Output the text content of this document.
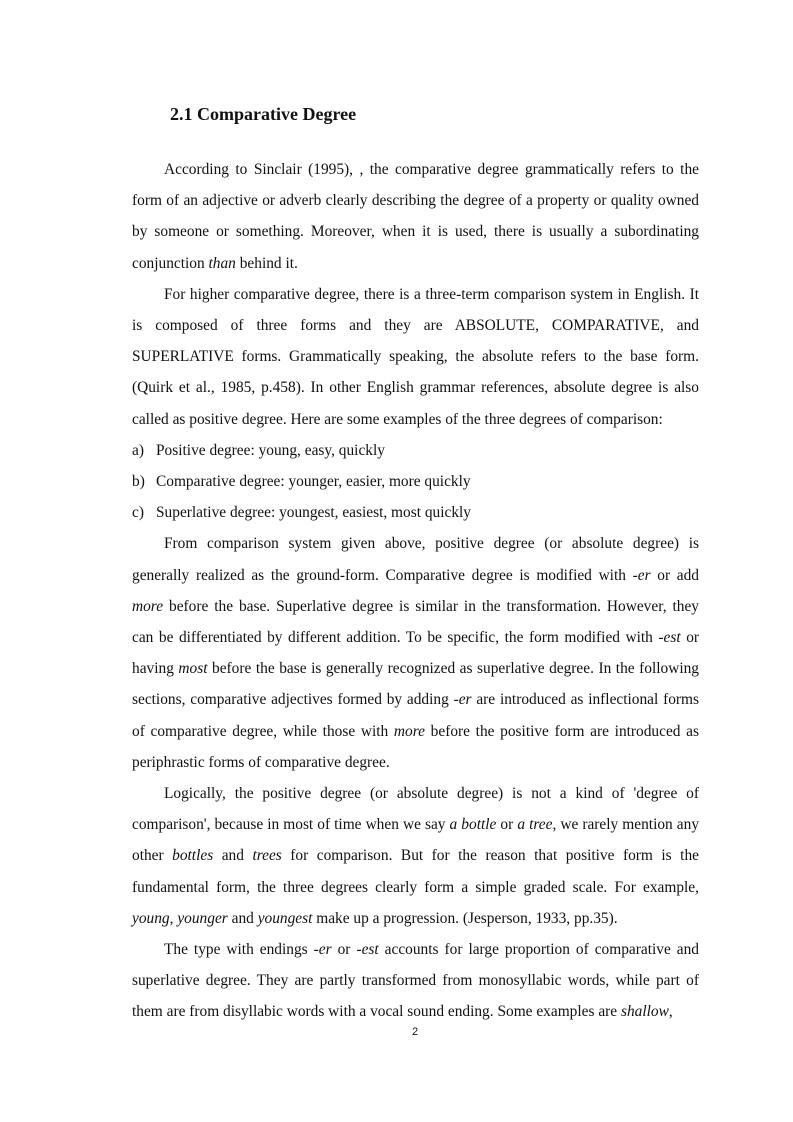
2.1 Comparative Degree

According to Sinclair (1995), , the comparative degree grammatically refers to the form of an adjective or adverb clearly describing the degree of a property or quality owned by someone or something. Moreover, when it is used, there is usually a subordinating conjunction than behind it.

For higher comparative degree, there is a three-term comparison system in English. It is composed of three forms and they are ABSOLUTE, COMPARATIVE, and SUPERLATIVE forms. Grammatically speaking, the absolute refers to the base form. (Quirk et al., 1985, p.458). In other English grammar references, absolute degree is also called as positive degree. Here are some examples of the three degrees of comparison:

a) Positive degree: young, easy, quickly
b) Comparative degree: younger, easier, more quickly
c) Superlative degree: youngest, easiest, most quickly

From comparison system given above, positive degree (or absolute degree) is generally realized as the ground-form. Comparative degree is modified with -er or add more before the base. Superlative degree is similar in the transformation. However, they can be differentiated by different addition. To be specific, the form modified with -est or having most before the base is generally recognized as superlative degree. In the following sections, comparative adjectives formed by adding -er are introduced as inflectional forms of comparative degree, while those with more before the positive form are introduced as periphrastic forms of comparative degree.

Logically, the positive degree (or absolute degree) is not a kind of 'degree of comparison', because in most of time when we say a bottle or a tree, we rarely mention any other bottles and trees for comparison. But for the reason that positive form is the fundamental form, the three degrees clearly form a simple graded scale. For example, young, younger and youngest make up a progression. (Jesperson, 1933, pp.35).

The type with endings -er or -est accounts for large proportion of comparative and superlative degree. They are partly transformed from monosyllabic words, while part of them are from disyllabic words with a vocal sound ending. Some examples are shallow,

2
